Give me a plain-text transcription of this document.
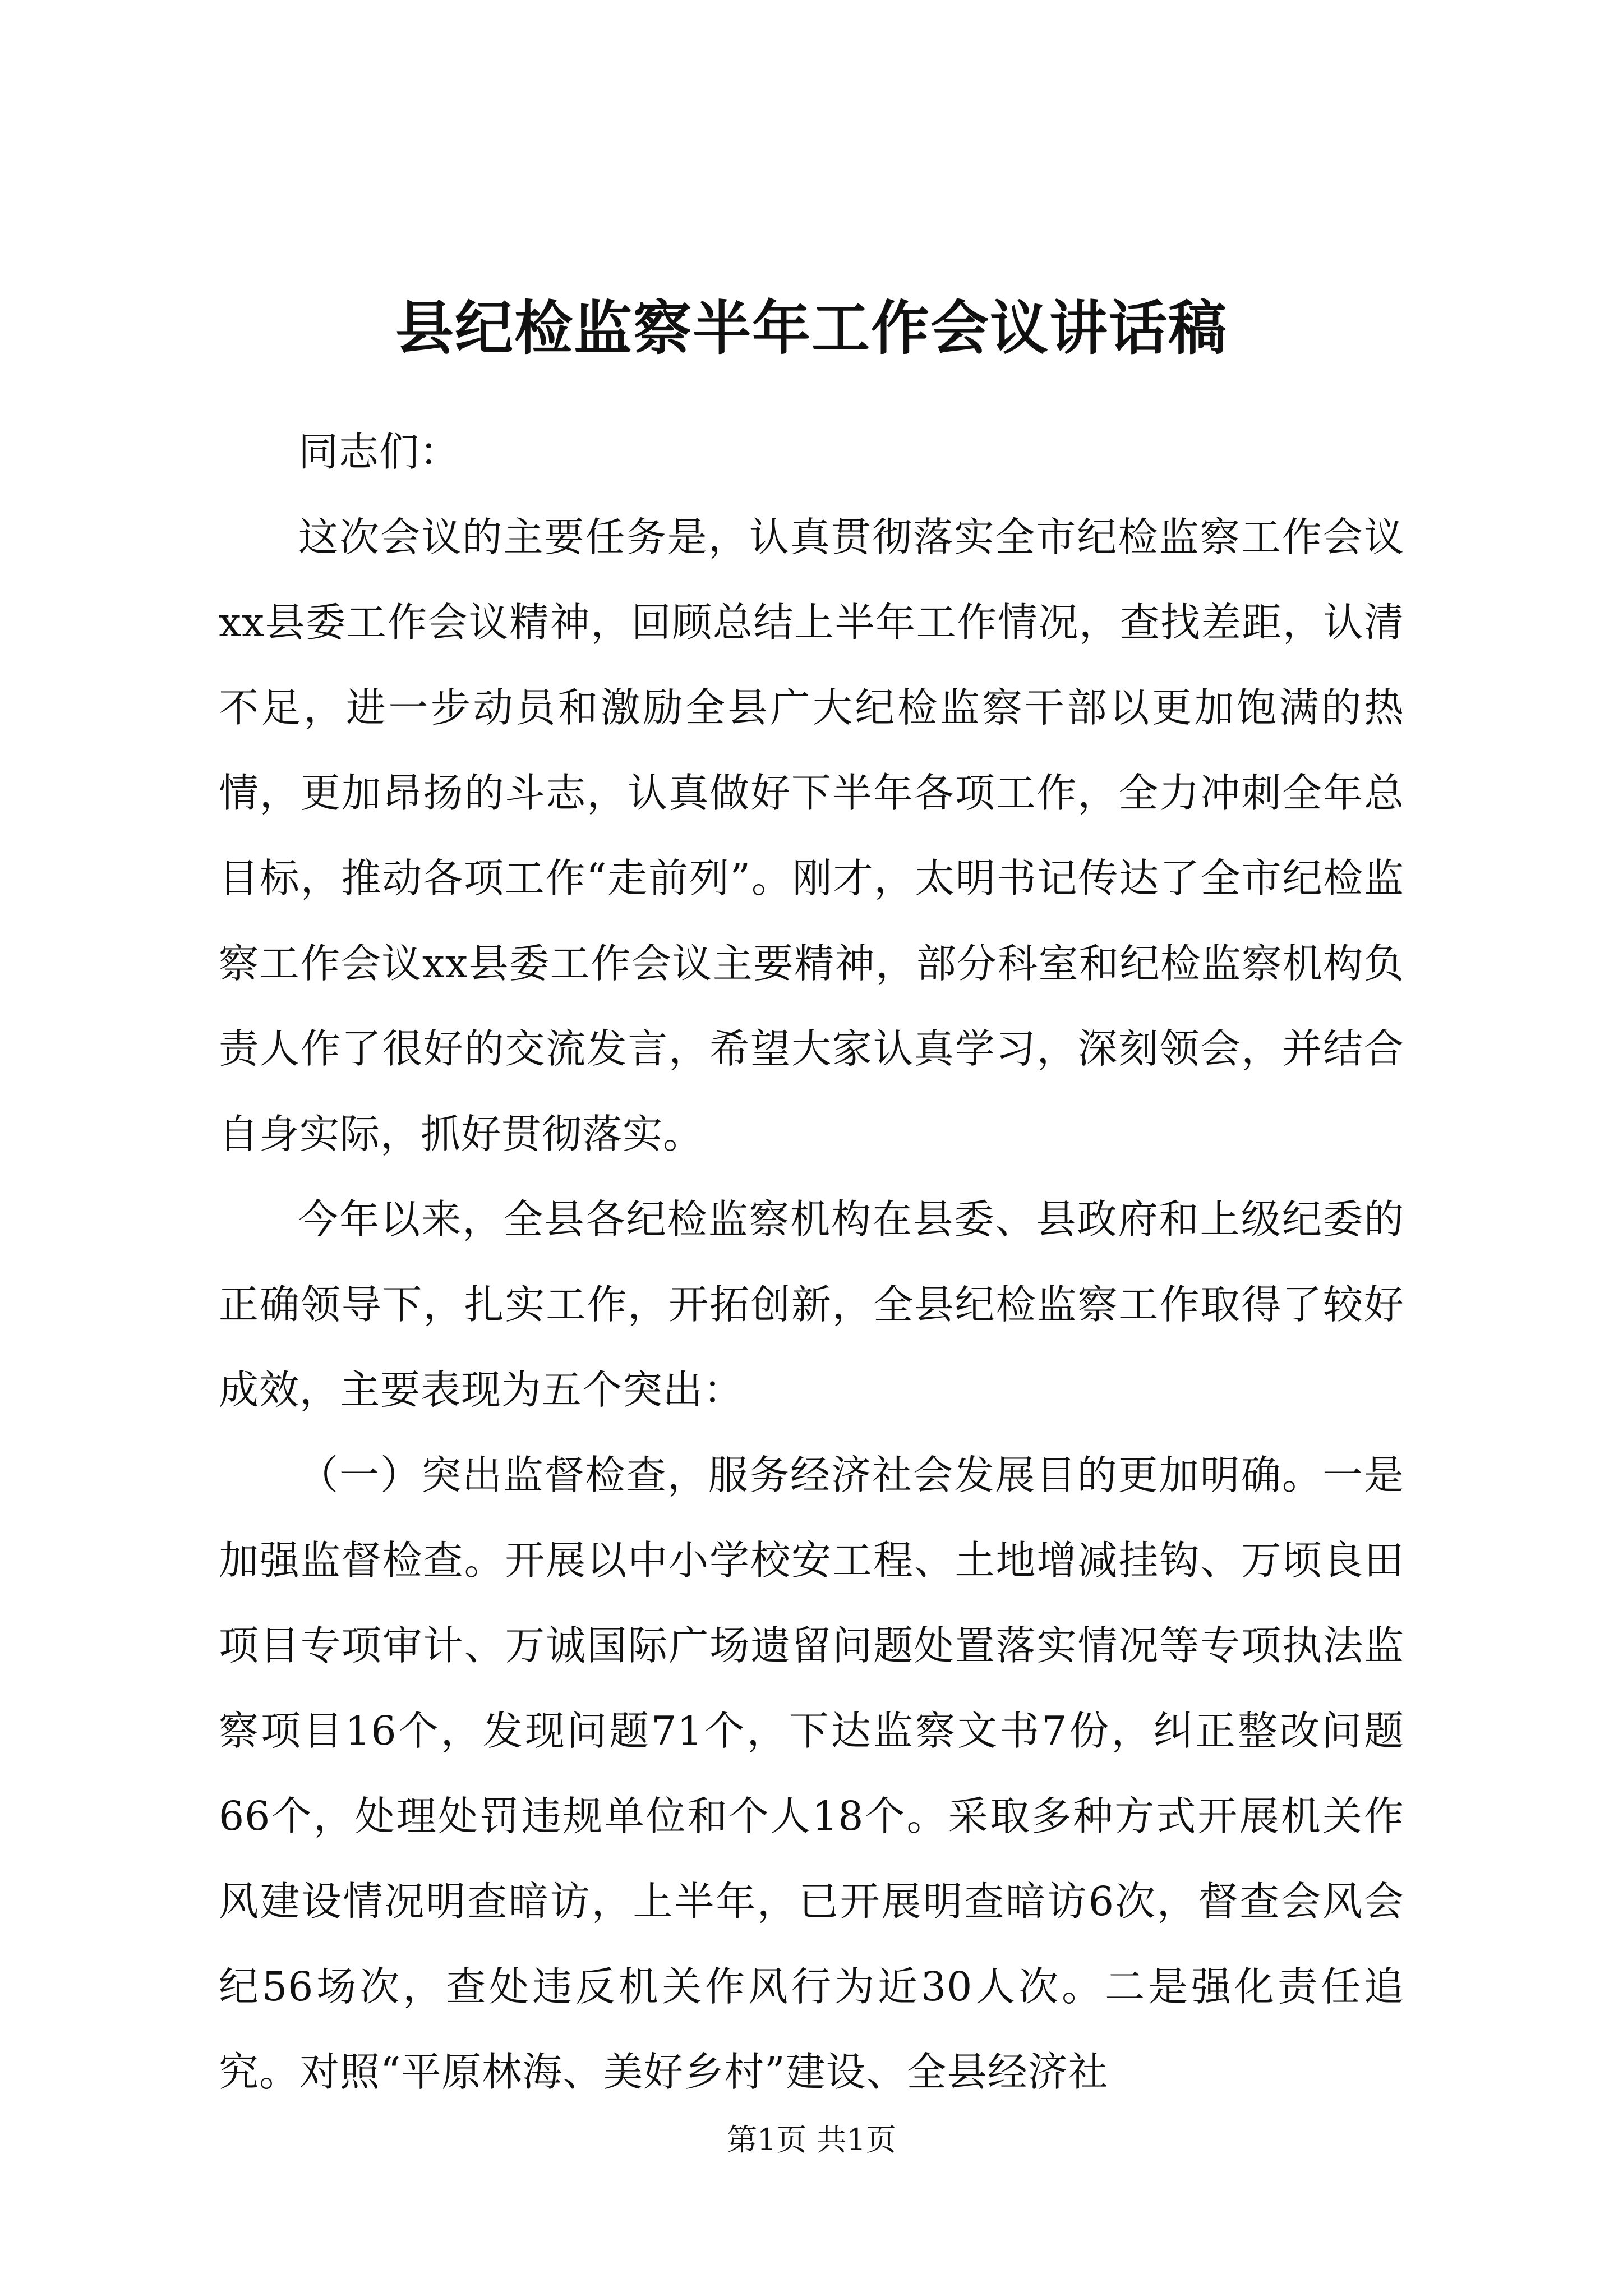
县纪检监察半年工作会议讲话稿

同志们：

这次会议的主要任务是，认真贯彻落实全市纪检监察工作会议xx县委工作会议精神，回顾总结上半年工作情况，查找差距，认清不足，进一步动员和激励全县广大纪检监察干部以更加饱满的热情，更加昂扬的斗志，认真做好下半年各项工作，全力冲刺全年总目标，推动各项工作“走前列”。刚才，太明书记传达了全市纪检监察工作会议xx县委工作会议主要精神，部分科室和纪检监察机构负责人作了很好的交流发言，希望大家认真学习，深刻领会，并结合自身实际，抓好贯彻落实。

今年以来，全县各纪检监察机构在县委、县政府和上级纪委的正确领导下，扎实工作，开拓创新，全县纪检监察工作取得了较好成效，主要表现为五个突出：

（一）突出监督检查，服务经济社会发展目的更加明确。一是加强监督检查。开展以中小学校安工程、土地增减挂钩、万顷良田项目专项审计、万诚国际广场遗留问题处置落实情况等专项执法监察项目16个，发现问题71个，下达监察文书7份，纠正整改问题66个，处理处罚违规单位和个人18个。采取多种方式开展机关作风建设情况明查暗访，上半年，已开展明查暗访6次，督查会风会纪56场次，查处违反机关作风行为近30人次。二是强化责任追究。对照“平原林海、美好乡村”建设、全县经济社

第1页 共1页
